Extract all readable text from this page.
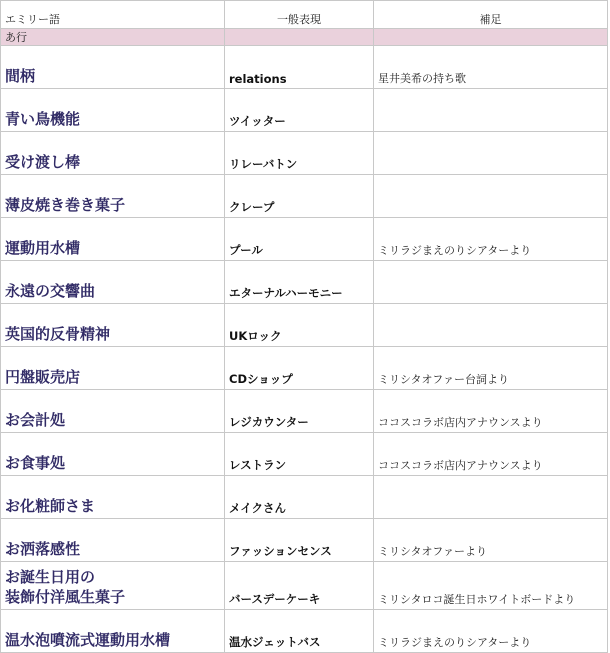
エミリー語	一般表現	補足
あ行		
間柄	relations	星井美希の持ち歌
青い鳥機能	ツイッター	
受け渡し棒	リレーバトン	
薄皮焼き巻き菓子	クレープ	
運動用水槽	プール	ミリラジまえのりシアターより
永遠の交響曲	エターナルハーモニー	
英国的反骨精神	UKロック	
円盤販売店	CDショップ	ミリシタオファー台詞より
お会計処	レジカウンター	ココスコラボ店内アナウンスより
お食事処	レストラン	ココスコラボ店内アナウンスより
お化粧師さま	メイクさん	
お洒落感性	ファッションセンス	ミリシタオファーより

お誕生日用の
装飾付洋風生菓子	バースデーケーキ	ミリシタロコ誕生日ホワイトボードより
温水泡噴流式運動用水槽	温水ジェットバス	ミリラジまえのりシアターより
